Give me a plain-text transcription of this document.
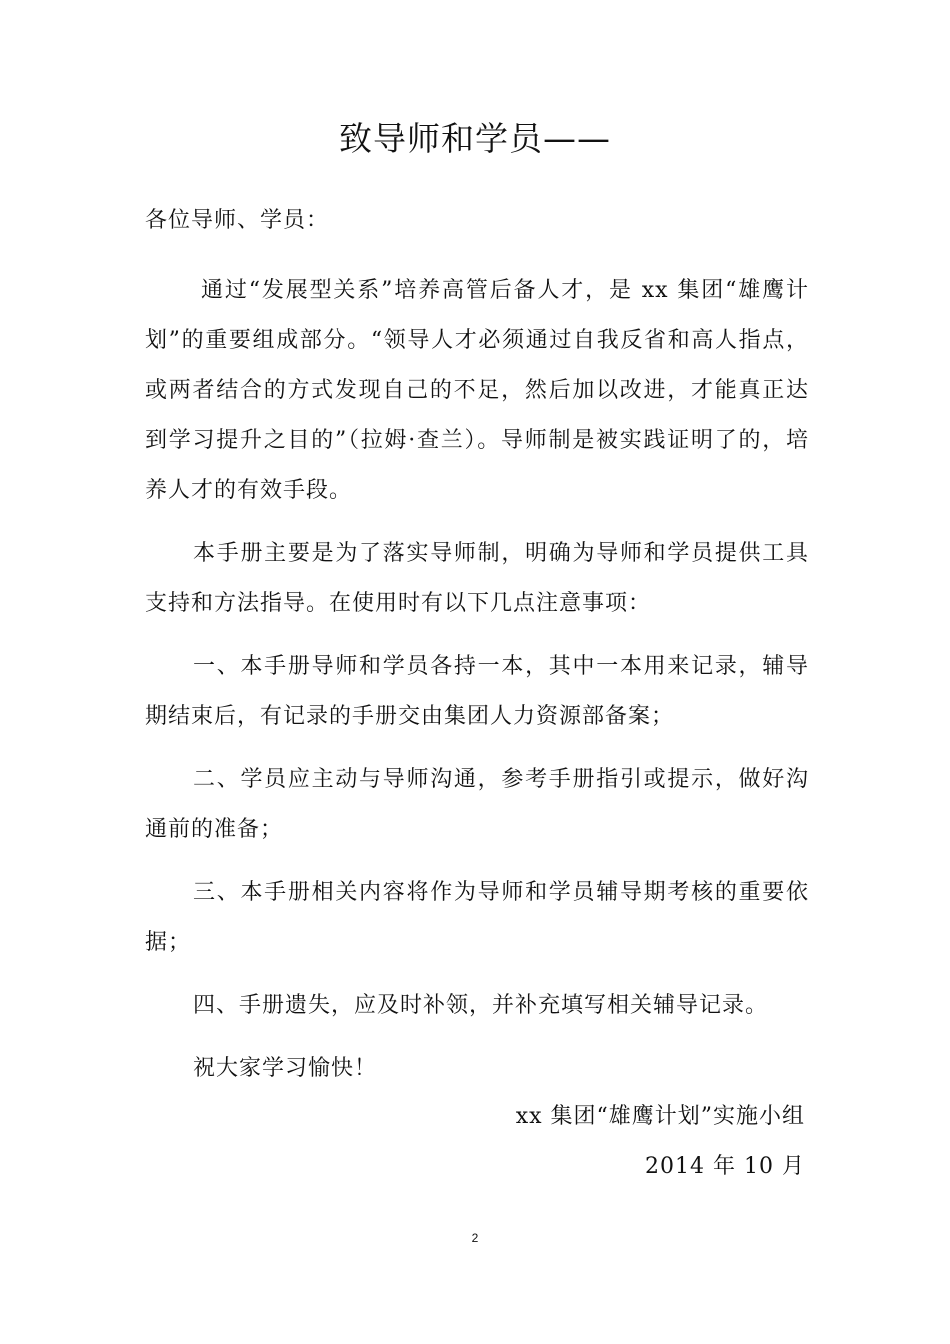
致导师和学员——

各位导师、学员：

通过“发展型关系”培养高管后备人才，是 xx 集团“雄鹰计划”的重要组成部分。“领导人才必须通过自我反省和高人指点，或两者结合的方式发现自己的不足，然后加以改进，才能真正达到学习提升之目的”（拉姆·查兰）。导师制是被实践证明了的，培养人才的有效手段。

本手册主要是为了落实导师制，明确为导师和学员提供工具支持和方法指导。在使用时有以下几点注意事项：

一、本手册导师和学员各持一本，其中一本用来记录，辅导期结束后，有记录的手册交由集团人力资源部备案；

二、学员应主动与导师沟通，参考手册指引或提示，做好沟通前的准备；

三、本手册相关内容将作为导师和学员辅导期考核的重要依据；

四、手册遗失，应及时补领，并补充填写相关辅导记录。

祝大家学习愉快！

xx 集团“雄鹰计划”实施小组

2014 年 10 月

2
